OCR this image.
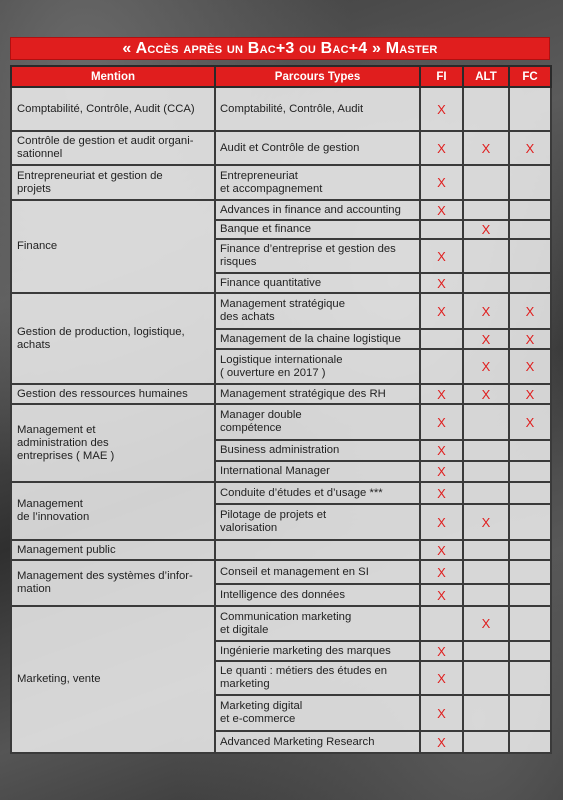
« Accès après un Bac+3 ou Bac+4 » Master
Mention	Parcours Types	FI	ALT	FC
Comptabilité, Contrôle, Audit (CCA)	Comptabilité, Contrôle, Audit	X		
Contrôle de gestion et audit organi-
sationnel	Audit et Contrôle de gestion	X	X	X
Entrepreneuriat et gestion de
projets	Entrepreneuriat
et accompagnement	X		
Finance	Advances in finance and accounting	X		
	Banque et finance		X	
	Finance d’entreprise et gestion des
risques	X		
	Finance quantitative	X		
Gestion de production, logistique,
achats	Management stratégique
des achats	X	X	X
	Management de la chaine logistique		X	X
	Logistique internationale
( ouverture en 2017 )		X	X
Gestion des ressources humaines	Management stratégique des RH	X	X	X
Management et
administration des
entreprises ( MAE )	Manager double
compétence	X		X
	Business administration	X		
	International Manager	X		
Management
de l’innovation	Conduite d’études et d’usage ***	X		
	Pilotage de projets et
valorisation	X	X	
Management public		X		
Management des systèmes d’infor-
mation	Conseil et management en SI	X		
	Intelligence des données	X		
Marketing, vente	Communication marketing
et digitale		X	
	Ingénierie marketing des marques	X		
	Le quanti : métiers des études en
marketing	X		
	Marketing digital
et e-commerce	X		
	Advanced Marketing Research	X		
